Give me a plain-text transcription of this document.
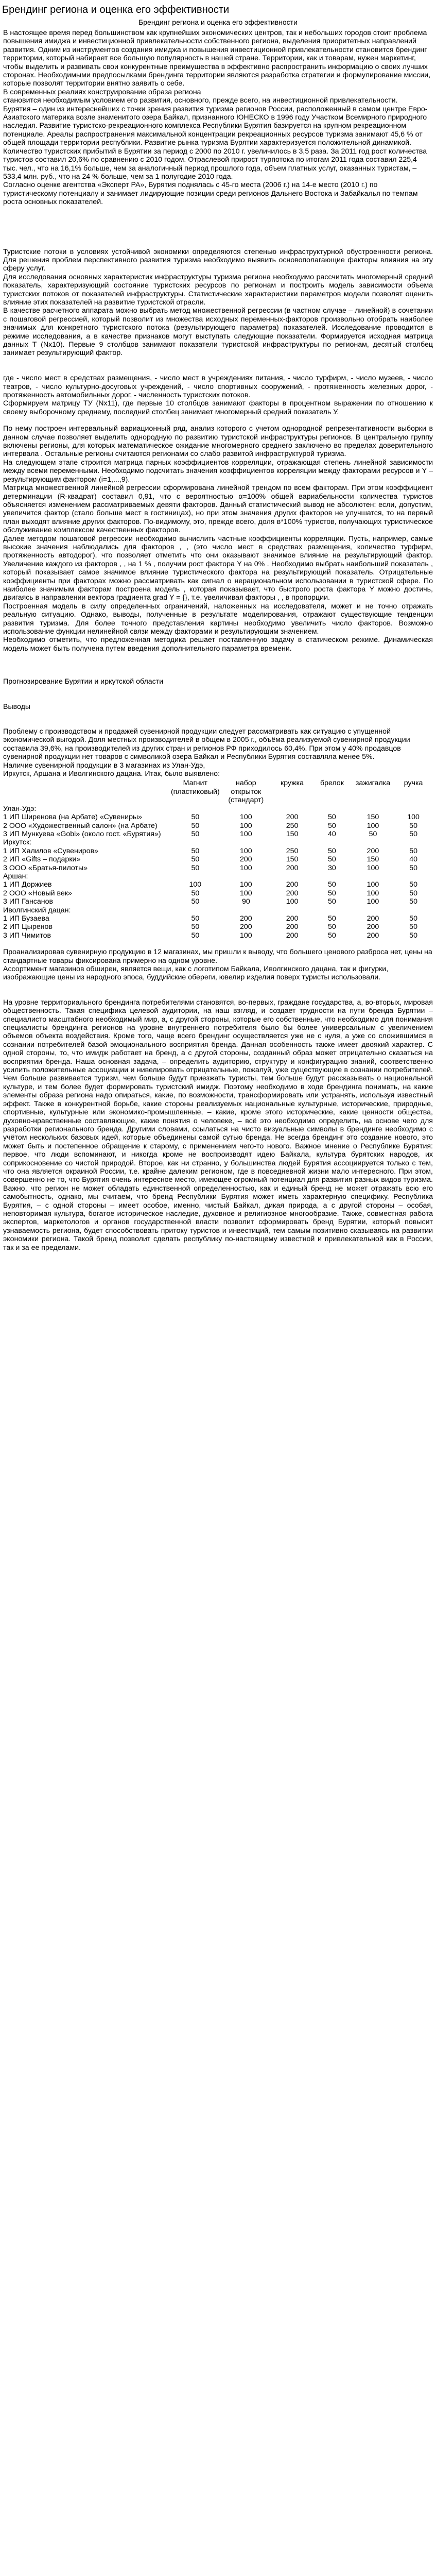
Брендинг региона и оценка его эффективности
Брендинг региона и оценка его эффективности

В настоящее время перед большинством как крупнейших экономических центров, так и небольших городов стоит проблема повышения имиджа и инвестиционной привлекательности собственного региона, выделения приоритетных направлений развития. Одним из инструментов создания имиджа и повышения инвестиционной привлекательности становится брендинг территории, который набирает все большую популярность в нашей стране. Территории, как и товарам, нужен маркетинг, чтобы выделить и развивать свои конкурентные преимущества в эффективно распространить информацию о своих лучших сторонах. Необходимыми предпосылками брендинга территории являются разработка стратегии и формулирование миссии, которые позволят территории внятно заявить о себе.

В современных реалиях конструирование образа региона

становится необходимым условием его развития, основного, прежде всего, на инвестиционной привлекательности.

Бурятия – один из интереснейших с точки зрения развития туризма регионов России, расположенный в самом центре Евро-Азиатского материка возле знаменитого озера Байкал, признанного ЮНЕСКО в 1996 году Участком Всемирного природного наследия. Развитие туристско-рекреационного комплекса Республики Бурятия базируется на крупном рекреационном потенциале. Ареалы распространения максимальной концентрации рекреационных ресурсов туризма занимают 45,6 % от общей площади территории республики. Развитие рынка туризма Бурятии характеризуется положительной динамикой. Количество туристских прибытий в Бурятии за период с 2000 по 2010 г. увеличилось в 3,5 раза. За 2011 год рост количества туристов составил 20,6% по сравнению с 2010 годом. Отраслевой прирост турпотока по итогам 2011 года составил 225,4 тыс. чел., что на 16,1% больше, чем за аналогичный период прошлого года, объем платных услуг, оказанных туристам, – 533,4 млн. руб., что на 24 % больше, чем за 1 полугодие 2010 года.

Согласно оценке агентства «Эксперт РА», Бурятия поднялась с 45-го места (2006 г.) на 14-е место (2010 г.) по туристическому потенциалу и занимает лидирующие позиции среди регионов Дальнего Востока и Забайкалья по темпам роста основных показателей.

Туристские потоки в условиях устойчивой экономики определяются степенью инфраструктурной обустроенности региона. Для решения проблем перспективного развития туризма необходимо выявить основополагающие факторы влияния на эту сферу услуг.

Для исследования основных характеристик инфраструктуры туризма региона необходимо рассчитать многомерный средний показатель, характеризующий состояние туристских ресурсов по регионам и построить модель зависимости объема туристских потоков от показателей инфраструктуры. Статистические характеристики параметров модели позволят оценить влияние этих показателей на развитие туристской отрасли.

В качестве расчетного аппарата можно выбрать метод множественной регрессии (в частном случае – линейной) в сочетании с пошаговой регрессией, который позволит из множества исходных переменных-факторов произвольно отобрать наиболее значимых для конкретного туристского потока (результирующего параметра) показателей. Исследование проводится в режиме исследования, а в качестве признаков могут выступать следующие показатели. Формируется исходная матрица данных Т (Nх10). Первые 9 столбцов занимают показатели туристской инфраструктуры по регионам, десятый столбец занимает результирующий фактор.

-

где - число мест в средствах размещения, - число мест в учреждениях питания, - число турфирм, - число музеев, - число театров, - число культурно-досуговых учреждений, - число спортивных сооружений, - протяженность железных дорог, - протяженность автомобильных дорог, - численность туристских потоков.

Сформируем матрицу ТУ (Nх11), где первые 10 столбцов занимают факторы в процентном выражении по отношению к своему выборочному среднему, последний столбец занимает многомерный средний показатель У.

По нему построен интервальный вариационный ряд, анализ которого с учетом однородной репрезентативности выборки в данном случае позволяет выделить однородную по развитию туристской инфраструктуры регионов. В центральную группу включены регионы, для которых математическое ожидание многомерного среднего заключено во пределах доверительного интервала . Остальные регионы считаются регионами со слабо развитой инфраструктурой туризма.

На следующем этапе строится матрица парных коэффициентов корреляции, отражающая степень линейной зависимости между всеми переменными. Необходимо подсчитать значения коэффициентов корреляции между факторами ресурсов и Y – результирующим фактором (i=1,...,9).

Матрица множественной линейной регрессии сформирована линейной трендом по всем факторам. При этом коэффициент детерминации (R-квадрат) составил 0,91, что с вероятностью α=100% общей вариабельности количества туристов объясняется изменением рассматриваемых девяти факторов. Данный статистический вывод не абсолютен: если, допустим, увеличится фактор (стало больше мест в гостиницах), но при этом значения других факторов не улучшатся, то на первый план выходят влияние других факторов. По-видимому, это, прежде всего, доля в*100% туристов, получающих туристическое обслуживание комплексом качественных факторов.

Далее методом пошаговой регрессии необходимо вычислить частные коэффициенты корреляции. Пусть, например, самые высокие значения наблюдались для факторов , , (это число мест в средствах размещения, количество турфирм, протяженность автодорог), что позволяет отметить что они оказывают значимое влияние на результирующий фактор. Увеличение каждого из факторов , , на 1 % , получим рост фактора Y на 0% . Необходимо выбрать наибольший показатель , который показывает самое значимое влияние туристического фактора на результирующий показатель. Отрицательные коэффициенты при факторах можно рассматривать как сигнал о нерациональном использовании в туристской сфере. По наиболее значимым факторам построена модель , которая показывает, что быстрого роста фактора Y можно достичь, двигаясь в направлении вектора градиента grad Y = {}, т.е. увеличивая факторы , , в пропорции.

Построенная модель в силу определенных ограничений, наложенных на исследователя, может и не точно отражать реальную ситуацию. Однако, выводы, полученные в результате моделирования, отражают существующие тенденции развития туризма. Для более точного представления картины необходимо увеличить число факторов. Возможно использование функции нелинейной связи между факторами и результирующим значением.

Необходимо отметить, что предложенная методика решает поставленную задачу в статическом режиме. Динамическая модель может быть получена путем введения дополнительного параметра времени.

Прогнозирование Бурятии и иркутской области

Выводы

Проблему с производством и продажей сувенирной продукции следует рассматривать как ситуацию с упущенной экономической выгодой. Доля местных производителей в общем в 2005 г., объёма реализуемой сувенирной продукции составила 39,6%, на производителей из других стран и регионов РФ приходилось 60,4%. При этом у 40% продавцов сувенирной продукции нет товаров с символикой озера Байкал и Республики Бурятия составляла менее 5%.

Наличие сувенирной продукции в 3 магазинах из Улан-Удэ,

Иркутск, Аршана и Иволгинского дацана. Итак, было выявлено:

	Магнит (пластиковый)	набор открыток (стандарт)	кружка	брелок	зажигалка	ручка
Улан-Удэ:						
1 ИП Ширенова (на Арбате) «Сувениры»	50	100	200	50	150	100
2 ООО «Художественный салон» (на Арбате)	50	100	250	50	100	50
3 ИП Мункуева «Gobi» (около гост. «Бурятия»)	50	100	150	40	50	50
Иркутск:						
1 ИП Халилов «Сувениров»	50	100	250	50	200	50
2 ИП «Gifts – подарки»	50	200	150	50	150	40
3 ООО «Братья-пилоты»	50	100	200	30	100	50
Аршан:						
1 ИП Доржиев	100	100	200	50	100	50
2 ООО «Новый век»	50	100	200	50	100	50
3 ИП Гансанов	50	90	100	50	100	50
Иволгинский дацан:						
1 ИП Бузаева	50	200	200	50	200	50
2 ИП Цыренов	50	200	200	50	200	50
3 ИП Чимитов	50	100	200	50	200	50

Проанализировав сувенирную продукцию в 12 магазинах, мы пришли к выводу, что большего ценового разброса нет, цены на стандартные товары фиксирована примерно на одном уровне.

Ассортимент магазинов обширен, является вещи, как с логотипом Байкала, Иволгинского дацана, так и фигурки, изображающие цены из народного эпоса, буддийские обереги, ювелир изделия поверх туристы использовали.

На уровне территориального брендинга потребителями становятся, во-первых, граждане государства, а, во-вторых, мировая общественность. Такая специфика целевой аудитории, на наш взгляд, и создает трудности на пути бренда Бурятии – специалисто масштабного необходимый мир, а, с другой стороны, которые его собственные, что необходимо для понимания специалисты брендинга регионов на уровне внутреннего потребителя было бы более универсальным с увеличением объемов объекта воздействия. Кроме того, чаще всего брендинг осуществляется уже не с нуля, а уже со сложившимся в сознании потребителей базой эмоционального восприятия бренда. Данная особенность также имеет двоякий характер. С одной стороны, то, что имидж работает на бренд, а с другой стороны, созданный образ может отрицательно сказаться на восприятии бренда. Наша основная задача, – определить аудиторию, структуру и конфигурацию знаний, соответственно усилить положительные ассоциации и нивелировать отрицательные, пожалуй, уже существующие в сознании потребителей. Чем больше развивается туризм, чем больше будут приезжать туристы, тем больше будут рассказывать о национальной культуре, и тем более будет формировать туристский имидж. Поэтому необходимо в ходе брендинга понимать, на какие элементы образа региона надо опираться, какие, по возможности, трансформировать или устранять, используя известный эффект. Также в конкурентной борьбе, какие стороны реализуемых национальные культурные, исторические, природные, спортивные, культурные или экономико-промышленные, – какие, кроме этого исторические, какие ценности общества, духовно-нравственные составляющие, какие понятия о человеке, – всё это необходимо определить, на основе чего для разработки регионального бренда. Другими словами, ссылаться на чисто визуальные символы в брендинге необходимо с учётом нескольких базовых идей, которые объединены самой сутью бренда. Не всегда брендинг это создание нового, это может быть и постепенное обращение к старому, с применением чего-то нового. Важное мнение о Республике Бурятия: первое, что люди вспоминают, и никогда кроме не воспроизводят идею Байкала, культура бурятских народов, их соприкосновение со чистой природой. Второе, как ни странно, у большинства людей Бурятия ассоциируется только с тем, что она является окраиной России, т.е. крайне далеким регионом, где в повседневной жизни мало интересного. При этом, совершенно не то, что Бурятия очень интересное место, имеющее огромный потенциал для развития разных видов туризма. Важно, что регион не может обладать единственной определенностью, как и единый бренд не может отражать всю его самобытность, однако, мы считаем, что бренд Республики Бурятия может иметь характерную специфику. Республика Бурятия, – с одной стороны – имеет особое, именно, чистый Байкал, дикая природа, а с другой стороны – особая, неповторимая культура, богатое историческое наследие, духовное и религиозное многообразие. Также, совместная работа экспертов, маркетологов и органов государственной власти позволит сформировать бренд Бурятии, который повысит узнаваемость региона, будет способствовать притоку туристов и инвестиций, тем самым позитивно сказываясь на развитии экономики региона. Такой бренд позволит сделать республику по-настоящему известной и привлекательной как в России, так и за ее пределами.
